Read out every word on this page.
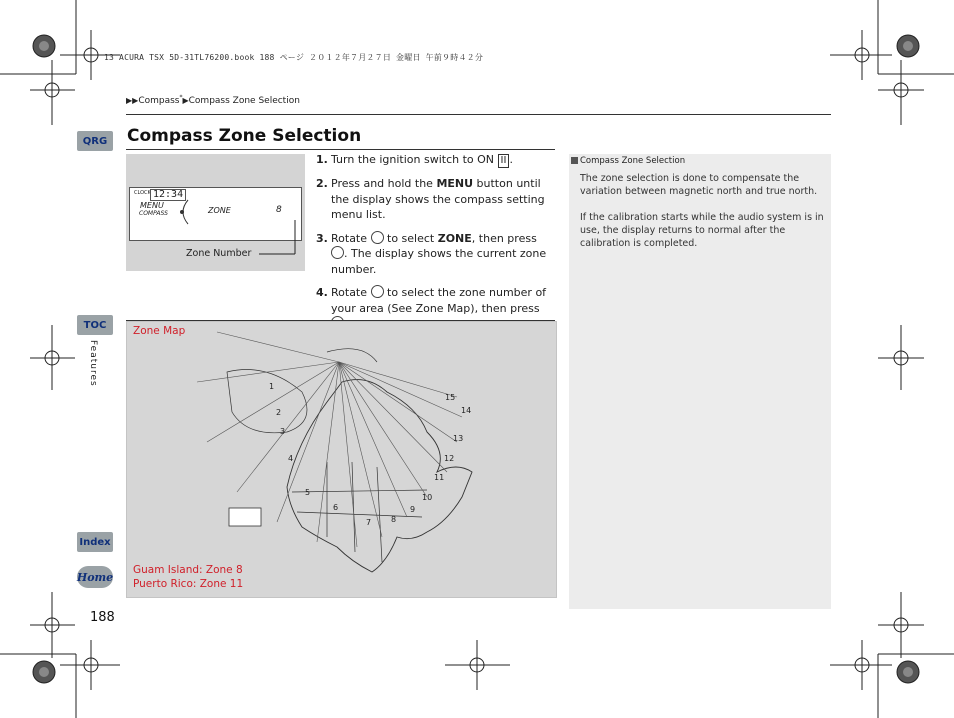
13 ACURA TSX 5D-31TL76200.book 188 ページ ２０１２年７月２７日 金曜日 午前９時４２分
▶▶Compass*▶Compass Zone Selection
QRG
TOC
Features
Index
Home
188
Compass Zone Selection
CLOCK 12:34
MENU
COMPASS	ZONE	8
Zone Number
1. Turn the ignition switch to ON II .
2. Press and hold the MENU button until the display shows the compass setting menu list.
3. Rotate  to select ZONE, then press . The display shows the current zone number.
4. Rotate  to select the zone number of your area (See Zone Map), then press
Compass Zone Selection

The zone selection is done to compensate the variation between magnetic north and true north.

If the calibration starts while the audio system is in use, the display returns to normal after the calibration is completed.

Zone Map
1
2
3
4
5
6
7 8
9
10
11
12
13
14
15
Guam Island: Zone 8
Puerto Rico: Zone 11
